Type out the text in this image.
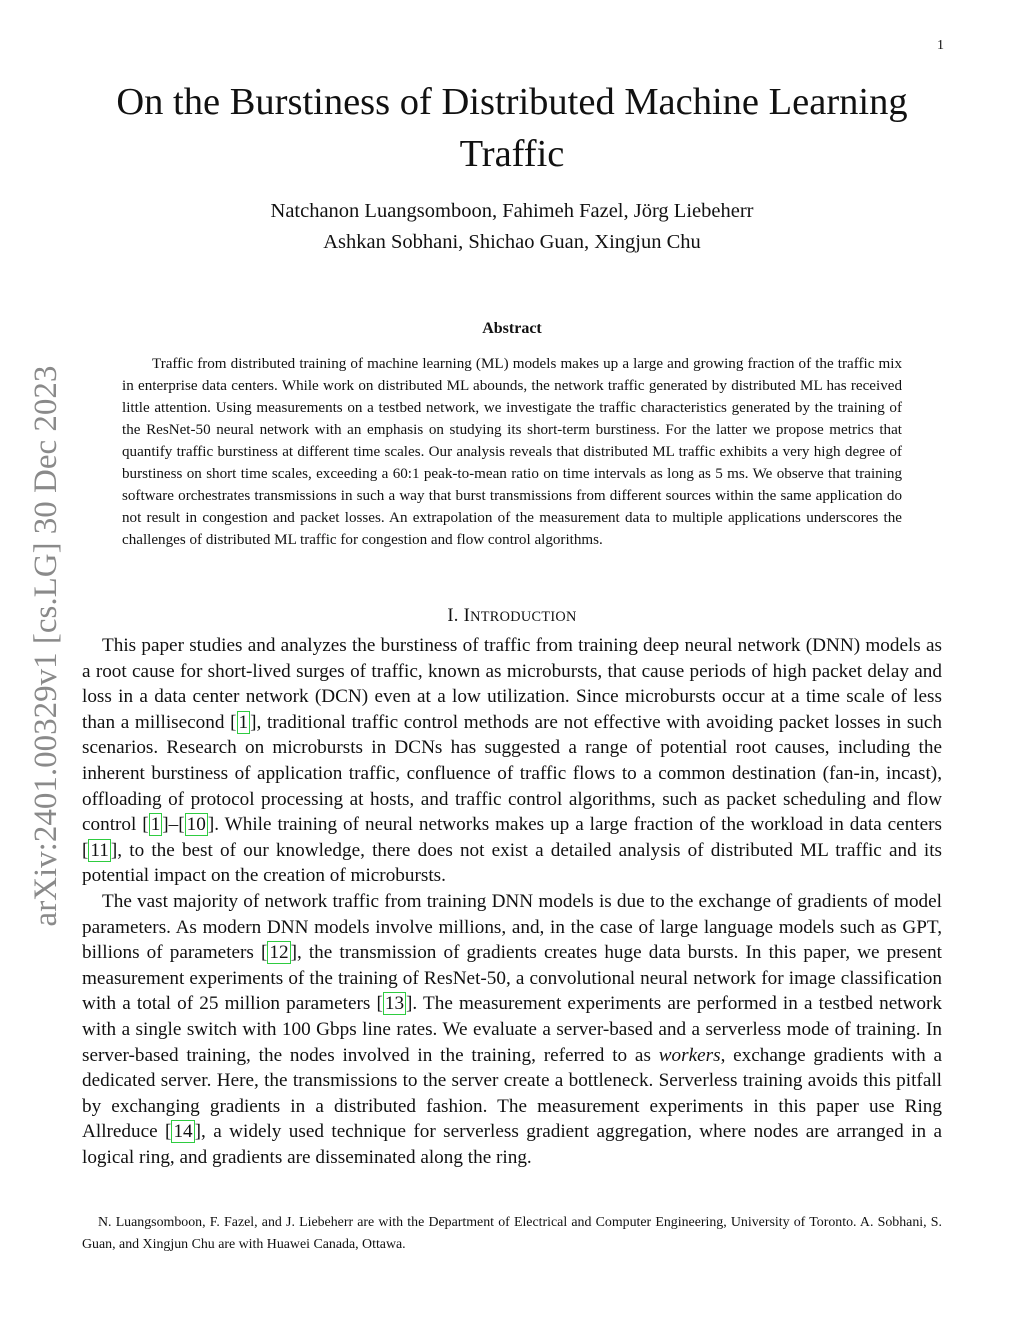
1
arXiv:2401.00329v1 [cs.LG] 30 Dec 2023
On the Burstiness of Distributed Machine Learning Traffic
Natchanon Luangsomboon, Fahimeh Fazel, Jörg Liebeherr
Ashkan Sobhani, Shichao Guan, Xingjun Chu
Abstract

Traffic from distributed training of machine learning (ML) models makes up a large and growing fraction of the traffic mix in enterprise data centers. While work on distributed ML abounds, the network traffic generated by distributed ML has received little attention. Using measurements on a testbed network, we investigate the traffic characteristics generated by the training of the ResNet-50 neural network with an emphasis on studying its short-term burstiness. For the latter we propose metrics that quantify traffic burstiness at different time scales. Our analysis reveals that distributed ML traffic exhibits a very high degree of burstiness on short time scales, exceeding a 60:1 peak-to-mean ratio on time intervals as long as 5 ms. We observe that training software orchestrates transmissions in such a way that burst transmissions from different sources within the same application do not result in congestion and packet losses. An extrapolation of the measurement data to multiple applications underscores the challenges of distributed ML traffic for congestion and flow control algorithms.

I. INTRODUCTION

This paper studies and analyzes the burstiness of traffic from training deep neural network (DNN) models as a root cause for short-lived surges of traffic, known as microbursts, that cause periods of high packet delay and loss in a data center network (DCN) even at a low utilization. Since microbursts occur at a time scale of less than a millisecond [ 1 ], traditional traffic control methods are not effective with avoiding packet losses in such scenarios. Research on microbursts in DCNs has suggested a range of potential root causes, including the inherent burstiness of application traffic, confluence of traffic flows to a common destination (fan-in, incast), offloading of protocol processing at hosts, and traffic control algorithms, such as packet scheduling and flow control [ 1 ]–[ 10 ]. While training of neural networks makes up a large fraction of the workload in data centers [ 11 ], to the best of our knowledge, there does not exist a detailed analysis of distributed ML traffic and its potential impact on the creation of microbursts.

The vast majority of network traffic from training DNN models is due to the exchange of gradients of model parameters. As modern DNN models involve millions, and, in the case of large language models such as GPT, billions of parameters [ 12 ], the transmission of gradients creates huge data bursts. In this paper, we present measurement experiments of the training of ResNet-50, a convolutional neural network for image classification with a total of 25 million parameters [ 13 ]. The measurement experiments are performed in a testbed network with a single switch with 100 Gbps line rates. We evaluate a server-based and a serverless mode of training. In server-based training, the nodes involved in the training, referred to as workers, exchange gradients with a dedicated server. Here, the transmissions to the server create a bottleneck. Serverless training avoids this pitfall by exchanging gradients in a distributed fashion. The measurement experiments in this paper use Ring Allreduce [ 14 ], a widely used technique for serverless gradient aggregation, where nodes are arranged in a logical ring, and gradients are disseminated along the ring.

N. Luangsomboon, F. Fazel, and J. Liebeherr are with the Department of Electrical and Computer Engineering, University of Toronto. A. Sobhani, S. Guan, and Xingjun Chu are with Huawei Canada, Ottawa.
